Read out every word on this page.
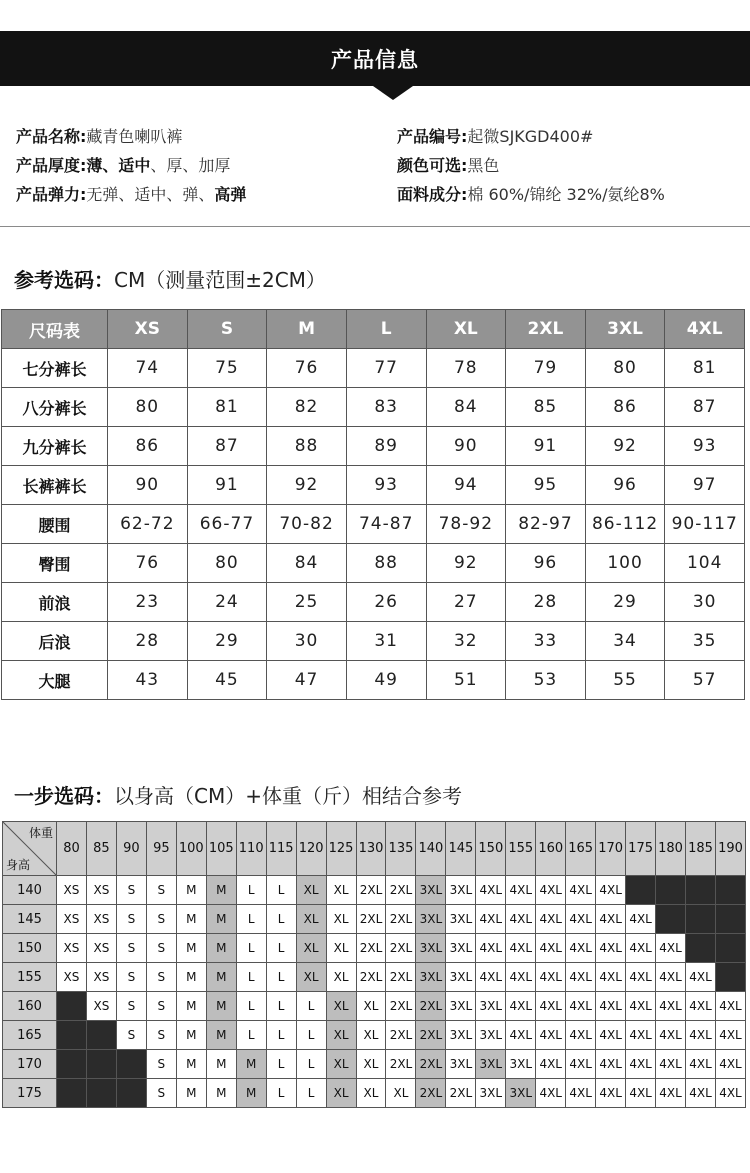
产品信息
产品名称:藏青色喇叭裤
产品厚度:薄、适中、厚、加厚
产品弹力:无弹、适中、弹、高弹
产品编号:起微SJKGD400#
颜色可选:黑色
面料成分:棉 60%/锦纶 32%/氨纶8%
参考选码：CM（测量范围±2CM）
尺码表	XS	S	M	L	XL	2XL	3XL	4XL
七分裤长	74	75	76	77	78	79	80	81
八分裤长	80	81	82	83	84	85	86	87
九分裤长	86	87	88	89	90	91	92	93
长裤裤长	90	91	92	93	94	95	96	97
腰围	62-72	66-77	70-82	74-87	78-92	82-97	86-112	90-117
臀围	76	80	84	88	92	96	100	104
前浪	23	24	25	26	27	28	29	30
后浪	28	29	30	31	32	33	34	35
大腿	43	45	47	49	51	53	55	57
一步选码：以身高（CM）+体重（斤）相结合参考
体重
身高	80	85	90	95	100	105	110	115	120	125	130	135	140	145	150	155	160	165	170	175	180	185	190
140	XS	XS	S	S	M	M	L	L	XL	XL	2XL	2XL	3XL	3XL	4XL	4XL	4XL	4XL	4XL				
145	XS	XS	S	S	M	M	L	L	XL	XL	2XL	2XL	3XL	3XL	4XL	4XL	4XL	4XL	4XL	4XL			
150	XS	XS	S	S	M	M	L	L	XL	XL	2XL	2XL	3XL	3XL	4XL	4XL	4XL	4XL	4XL	4XL	4XL		
155	XS	XS	S	S	M	M	L	L	XL	XL	2XL	2XL	3XL	3XL	4XL	4XL	4XL	4XL	4XL	4XL	4XL	4XL	
160		XS	S	S	M	M	L	L	L	XL	XL	2XL	2XL	3XL	3XL	4XL	4XL	4XL	4XL	4XL	4XL	4XL	4XL
165			S	S	M	M	L	L	L	XL	XL	2XL	2XL	3XL	3XL	4XL	4XL	4XL	4XL	4XL	4XL	4XL	4XL
170				S	M	M	M	L	L	XL	XL	2XL	2XL	3XL	3XL	3XL	4XL	4XL	4XL	4XL	4XL	4XL	4XL
175				S	M	M	M	L	L	XL	XL	XL	2XL	2XL	3XL	3XL	4XL	4XL	4XL	4XL	4XL	4XL	4XL
